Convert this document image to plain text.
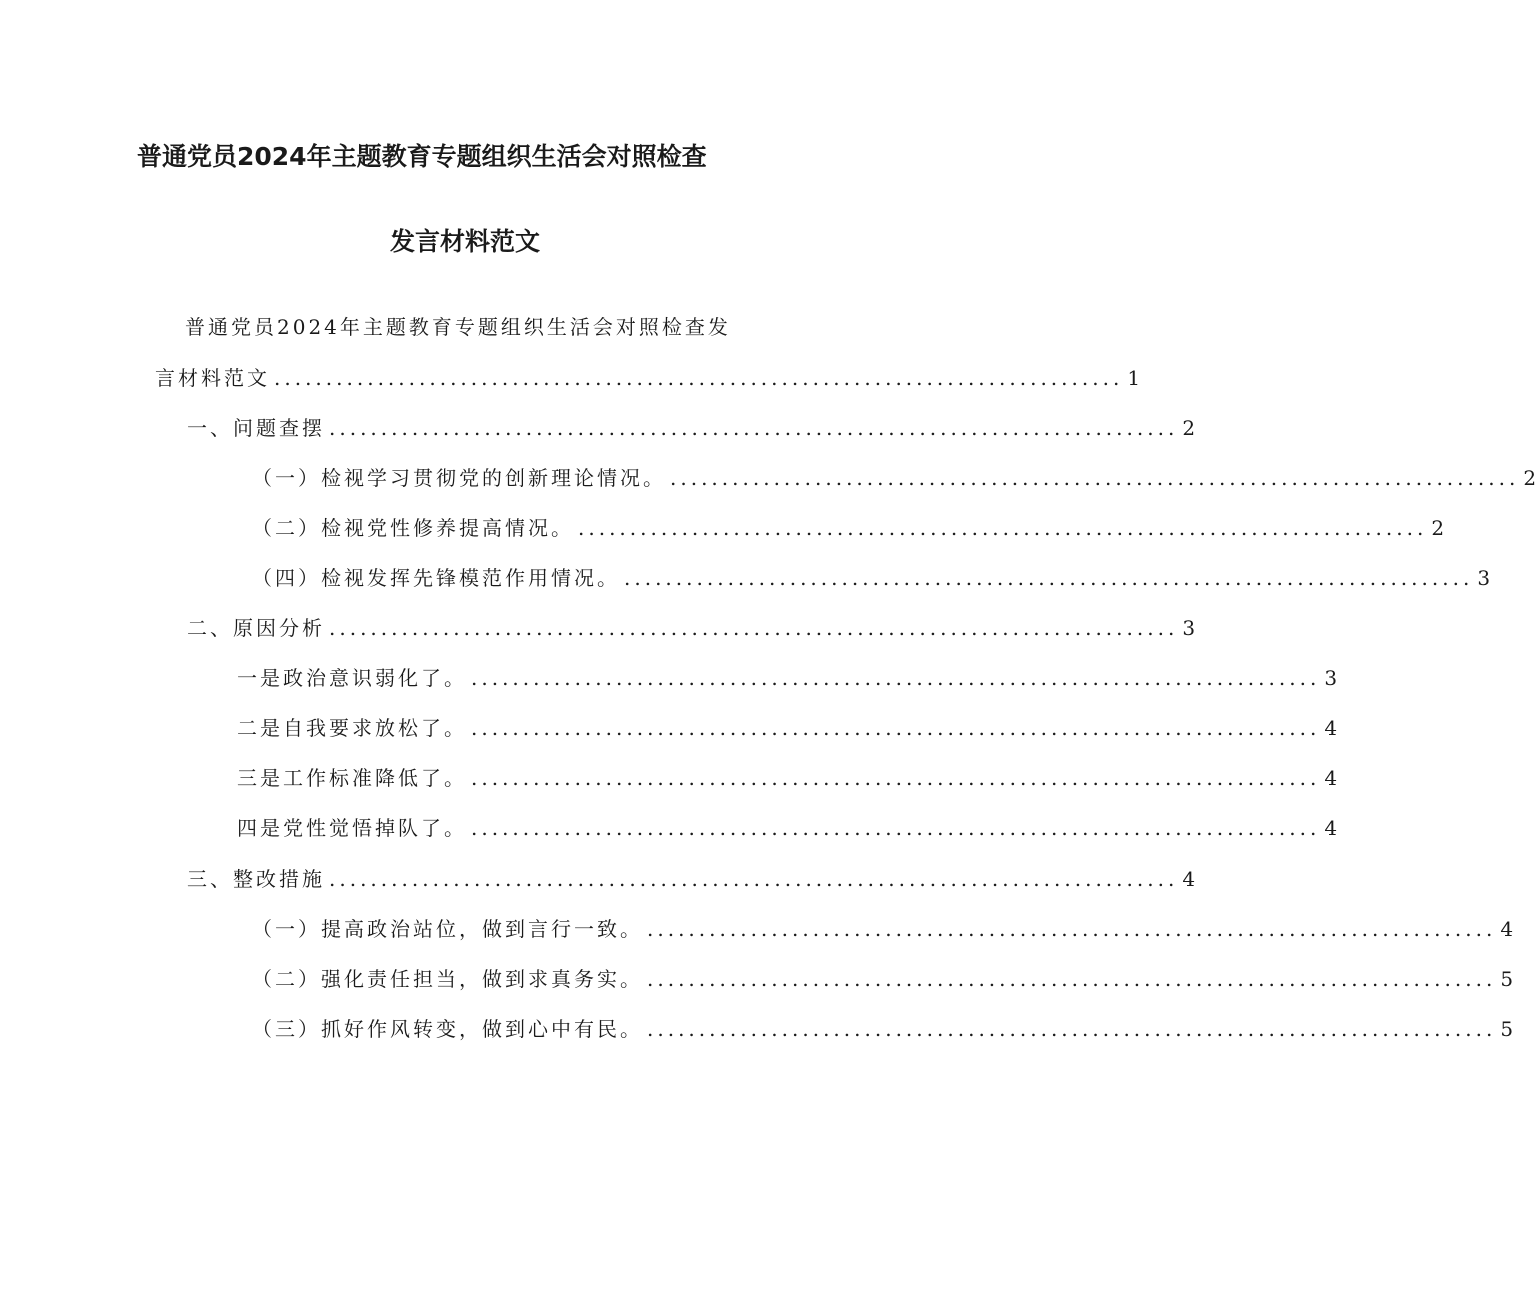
普通党员2024年主题教育专题组织生活会对照检查
发言材料范文
普通党员2024年主题教育专题组织生活会对照检查发
言材料范文 .................................................................................. 1
一、问题查摆 .................................................................................. 2
（一）检视学习贯彻党的创新理论情况。 .................................................................................. 2
（二）检视党性修养提高情况。 .................................................................................. 2
（四）检视发挥先锋模范作用情况。 .................................................................................. 3
二、原因分析 .................................................................................. 3
一是政治意识弱化了。 .................................................................................. 3
二是自我要求放松了。 .................................................................................. 4
三是工作标准降低了。 .................................................................................. 4
四是党性觉悟掉队了。 .................................................................................. 4
三、整改措施 .................................................................................. 4
（一）提高政治站位，做到言行一致。 .................................................................................. 4
（二）强化责任担当，做到求真务实。 .................................................................................. 5
（三）抓好作风转变，做到心中有民。 .................................................................................. 5
